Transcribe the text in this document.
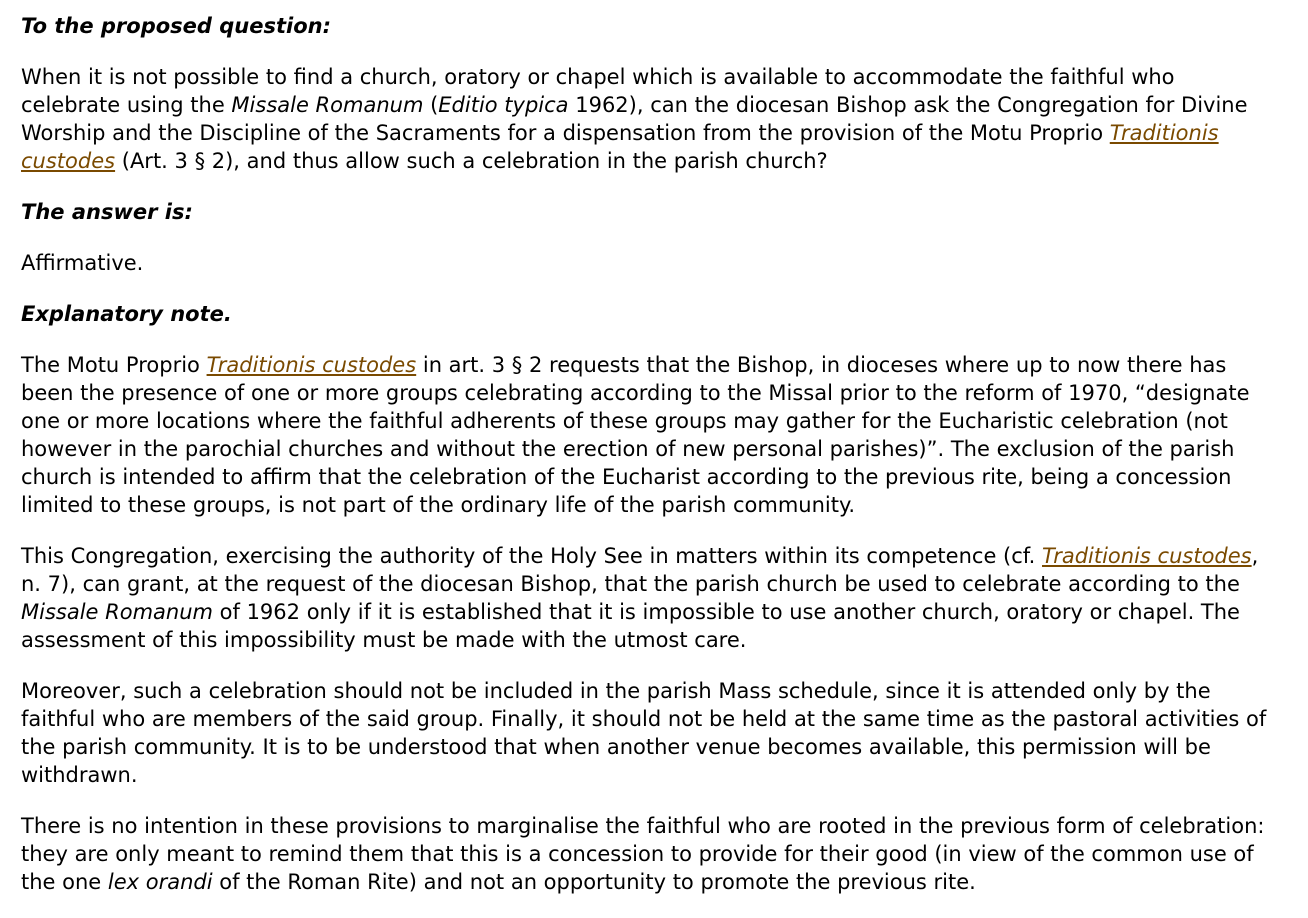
To the proposed question:

When it is not possible to find a church, oratory or chapel which is available to accommodate the faithful who celebrate using the Missale Romanum (Editio typica 1962), can the diocesan Bishop ask the Congregation for Divine Worship and the Discipline of the Sacraments for a dispensation from the provision of the Motu Proprio Traditionis custodes (Art. 3 § 2), and thus allow such a celebration in the parish church?

The answer is:

Affirmative.

Explanatory note.

The Motu Proprio Traditionis custodes in art. 3 § 2 requests that the Bishop, in dioceses where up to now there has been the presence of one or more groups celebrating according to the Missal prior to the reform of 1970, “designate one or more locations where the faithful adherents of these groups may gather for the Eucharistic celebration (not however in the parochial churches and without the erection of new personal parishes)”. The exclusion of the parish church is intended to affirm that the celebration of the Eucharist according to the previous rite, being a concession limited to these groups, is not part of the ordinary life of the parish community.

This Congregation, exercising the authority of the Holy See in matters within its competence (cf. Traditionis custodes, n. 7), can grant, at the request of the diocesan Bishop, that the parish church be used to celebrate according to the Missale Romanum of 1962 only if it is established that it is impossible to use another church, oratory or chapel. The assessment of this impossibility must be made with the utmost care.

Moreover, such a celebration should not be included in the parish Mass schedule, since it is attended only by the faithful who are members of the said group. Finally, it should not be held at the same time as the pastoral activities of the parish community. It is to be understood that when another venue becomes available, this permission will be withdrawn.

There is no intention in these provisions to marginalise the faithful who are rooted in the previous form of celebration: they are only meant to remind them that this is a concession to provide for their good (in view of the common use of the one lex orandi of the Roman Rite) and not an opportunity to promote the previous rite.
